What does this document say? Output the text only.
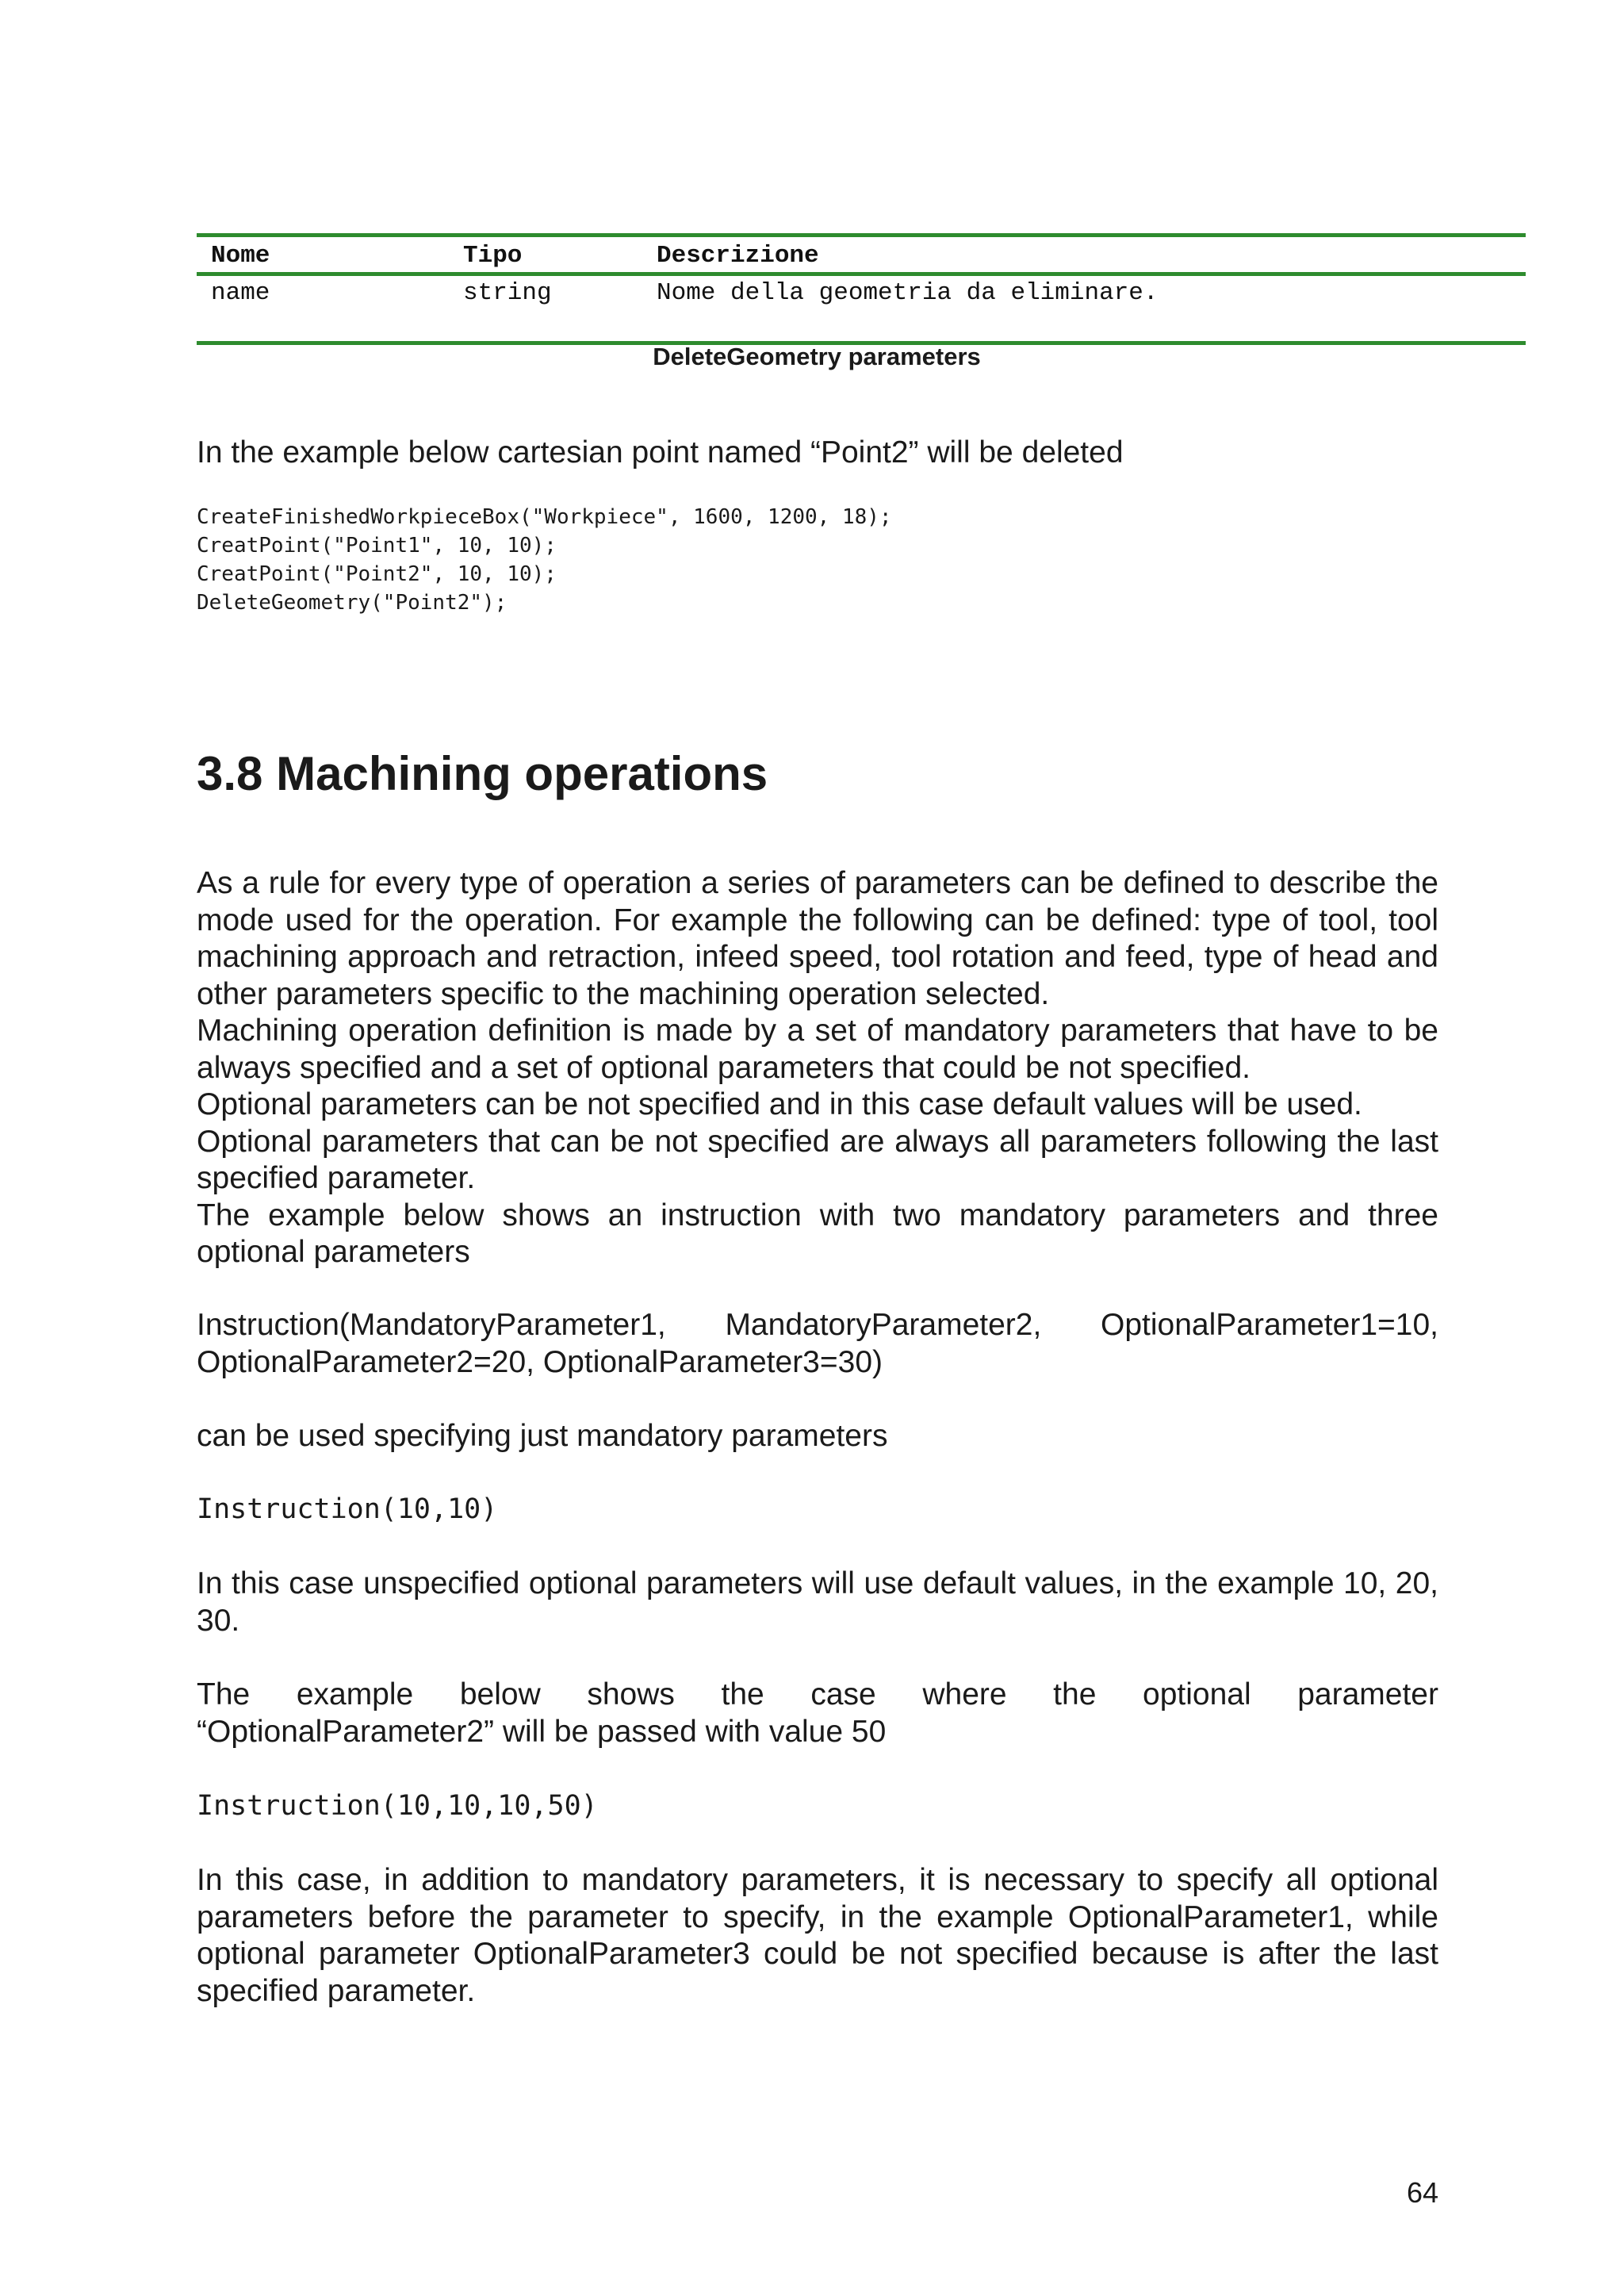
Nome	Tipo	Descrizione
name	string	Nome della geometria da eliminare.
DeleteGeometry parameters

In the example below cartesian point named “Point2” will be deleted

CreateFinishedWorkpieceBox("Workpiece", 1600, 1200, 18);
CreatPoint("Point1", 10, 10);
CreatPoint("Point2", 10, 10);
DeleteGeometry("Point2");
3.8 Machining operations
As a rule for every type of operation a series of parameters can be defined to describe the mode used for the operation. For example the following can be defined: type of tool, tool machining approach and retraction, infeed speed, tool rotation and feed, type of head and other parameters specific to the machining operation selected.
Machining operation definition is made by a set of mandatory parameters that have to be always specified and a set of optional parameters that could be not specified.
Optional parameters can be not specified and in this case default values will be used.
Optional parameters that can be not specified are always all parameters following the last specified parameter.
The example below shows an instruction with two mandatory parameters and three optional parameters

Instruction(MandatoryParameter1, MandatoryParameter2, OptionalParameter1=10, OptionalParameter2=20, OptionalParameter3=30)

can be used specifying just mandatory parameters

Instruction(10,10)

In this case unspecified optional parameters will use default values, in the example 10, 20, 30.

The example below shows the case where the optional parameter
“OptionalParameter2” will be passed with value 50
Instruction(10,10,10,50)

In this case, in addition to mandatory parameters, it is necessary to specify all optional parameters before the parameter to specify, in the example OptionalParameter1, while optional parameter OptionalParameter3 could be not specified because is after the last specified parameter.

64
